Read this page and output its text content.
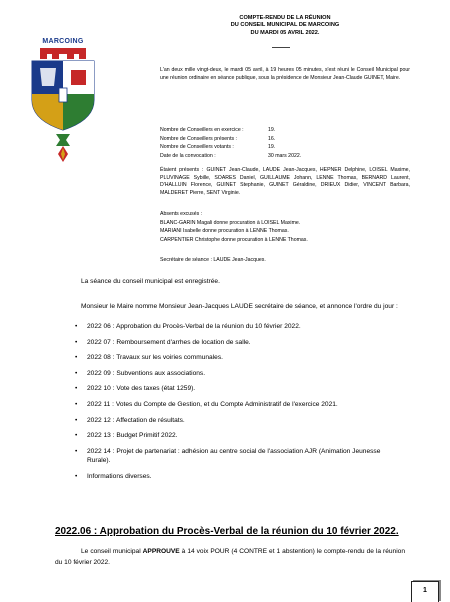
MARCOING
COMPTE-RENDU DE LA RÉUNION
DU CONSEIL MUNICIPAL DE MARCOING
DU MARDI 05 AVRIL 2022.
L'an deux mille vingt-deux, le mardi 05 avril, à 19 heures 05 minutes, s'est réuni le Conseil Municipal pour une réunion ordinaire en séance publique, sous la présidence de Monsieur Jean-Claude GUINET, Maire.
Nombre de Conseillers en exercice :	19.
Nombre de Conseillers présents :	16.
Nombre de Conseillers votants :	19.
Date de la convocation :	30 mars 2022.
Étaient présents : GUINET Jean-Claude, LAUDE Jean-Jacques, HEPNER Delphine, LOISEL Maxime, PLUVINAGE Sybille, SOARES Daniel, GUILLAUME Johann, LENNE Thomas, BERNARD Laurent, D'HALLUIN Florence, GUINET Stephanie, GUINET Géraldine, DRIEUX Didier, VINCENT Barbara, MALDERET Pierre, SENT Virginie.
Absents excusés :
BLANC-GARIN Magali donne procuration à LOISEL Maxime.
MARIANI Isabelle donne procuration à LENNE Thomas.
CARPENTIER Christophe donne procuration à LENNE Thomas.
Secrétaire de séance : LAUDE Jean-Jacques.
La séance du conseil municipal est enregistrée.
Monsieur le Maire nomme Monsieur Jean-Jacques LAUDE secrétaire de séance, et annonce l'ordre du jour :
• 2022 06 : Approbation du Procès-Verbal de la réunion du 10 février 2022.
• 2022 07 : Remboursement d'arrhes de location de salle.
• 2022 08 : Travaux sur les voiries communales.
• 2022 09 : Subventions aux associations.
• 2022 10 : Vote des taxes (état 1259).
• 2022 11 : Votes du Compte de Gestion, et du Compte Administratif de l'exercice 2021.
• 2022 12 : Affectation de résultats.
• 2022 13 : Budget Primitif 2022.
• 2022 14 : Projet de partenariat : adhésion au centre social de l'association AJR (Animation Jeunesse Rurale).
• Informations diverses.
2022.06 : Approbation du Procès-Verbal de la réunion du 10 février 2022.
Le conseil municipal APPROUVE à 14 voix POUR (4 CONTRE et 1 abstention) le compte-rendu de la réunion du 10 février 2022.
1
